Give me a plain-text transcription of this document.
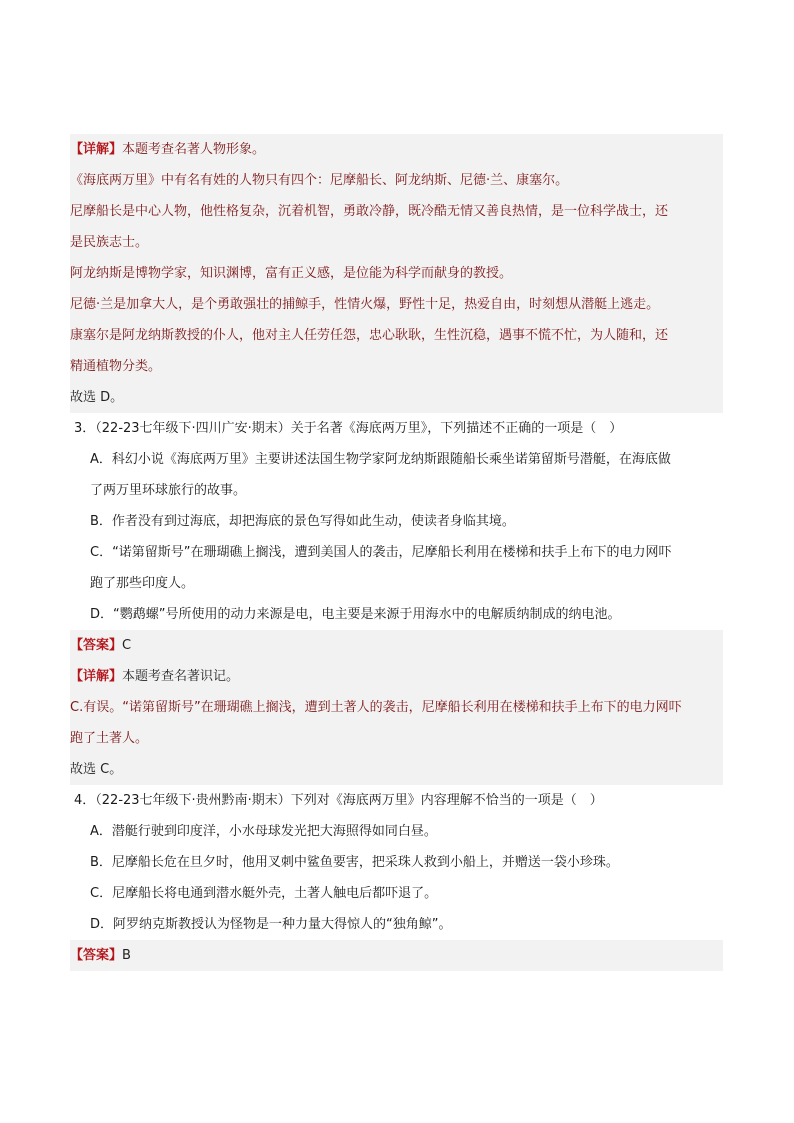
【详解】本题考查名著人物形象。
《海底两万里》中有名有姓的人物只有四个：尼摩船长、阿龙纳斯、尼德·兰、康塞尔。
尼摩船长是中心人物，他性格复杂，沉着机智，勇敢冷静，既冷酷无情又善良热情，是一位科学战士，还
是民族志士。
阿龙纳斯是博物学家，知识渊博，富有正义感，是位能为科学而献身的教授。
尼德·兰是加拿大人，是个勇敢强壮的捕鲸手，性情火爆，野性十足，热爱自由，时刻想从潜艇上逃走。
康塞尔是阿龙纳斯教授的仆人，他对主人任劳任怨，忠心耿耿，生性沉稳，遇事不慌不忙，为人随和，还
精通植物分类。
故选 D。
3．（22-23七年级下·四川广安·期末）关于名著《海底两万里》，下列描述不正确的一项是（　）
A．科幻小说《海底两万里》主要讲述法国生物学家阿龙纳斯跟随船长乘坐诺第留斯号潜艇，在海底做
了两万里环球旅行的故事。
B．作者没有到过海底，却把海底的景色写得如此生动，使读者身临其境。
C．“诺第留斯号”在珊瑚礁上搁浅，遭到美国人的袭击，尼摩船长利用在楼梯和扶手上布下的电力网吓
跑了那些印度人。
D．“鹦鹉螺”号所使用的动力来源是电，电主要是来源于用海水中的电解质纳制成的纳电池。
【答案】C
【详解】本题考查名著识记。
C.有误。“诺第留斯号”在珊瑚礁上搁浅，遭到土著人的袭击，尼摩船长利用在楼梯和扶手上布下的电力网吓
跑了土著人。
故选 C。
4．（22-23七年级下·贵州黔南·期末）下列对《海底两万里》内容理解不恰当的一项是（　）
A．潜艇行驶到印度洋，小水母球发光把大海照得如同白昼。
B．尼摩船长危在旦夕时，他用叉刺中鲨鱼要害，把采珠人救到小船上，并赠送一袋小珍珠。
C．尼摩船长将电通到潜水艇外壳，土著人触电后都吓退了。
D．阿罗纳克斯教授认为怪物是一种力量大得惊人的“独角鲸”。
【答案】B
